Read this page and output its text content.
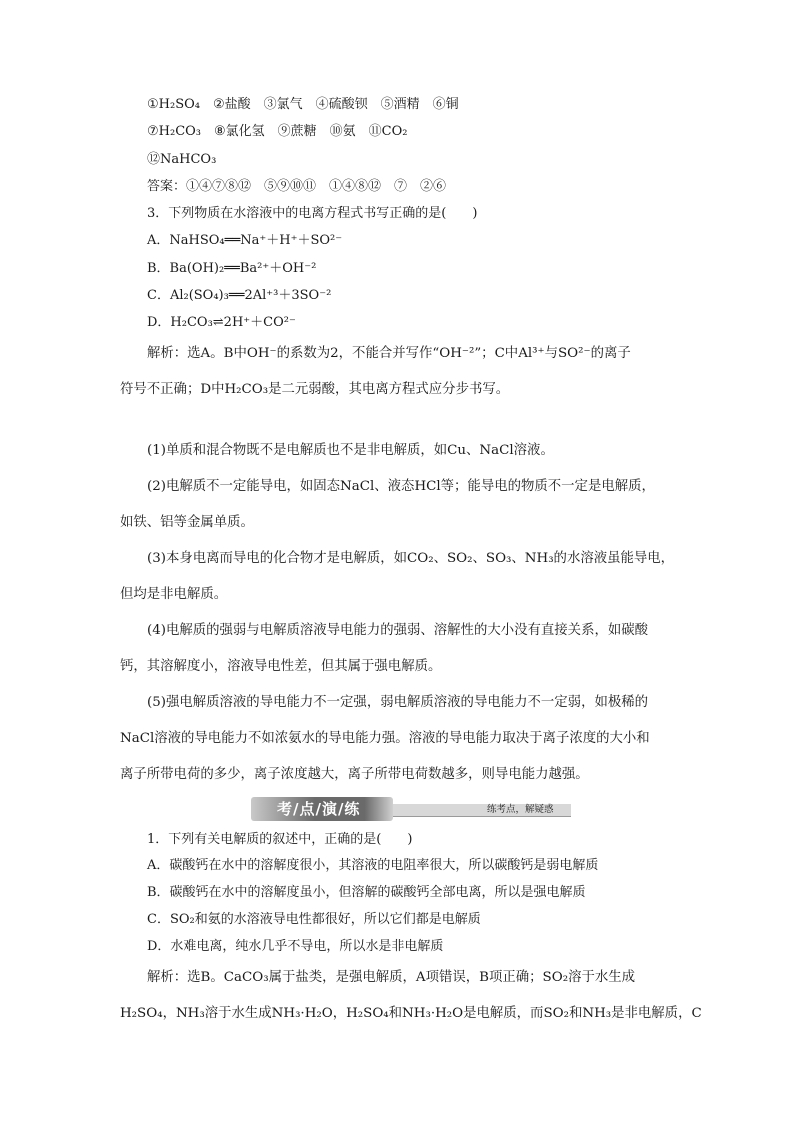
①H₂SO₄　②盐酸　③氯气　④硫酸钡　⑤酒精　⑥铜
⑦H₂CO₃　⑧氯化氢　⑨蔗糖　⑩氨　⑪CO₂
⑫NaHCO₃
答案：①④⑦⑧⑫　⑤⑨⑩⑪　①④⑧⑫　⑦　②⑥
3．下列物质在水溶液中的电离方程式书写正确的是(　　)
A．NaHSO₄══Na⁺＋H⁺＋SO²⁻
B．Ba(OH)₂══Ba²⁺＋OH⁻²
C．Al₂(SO₄)₃══2Al⁺³＋3SO⁻²
D．H₂CO₃⇌2H⁺＋CO²⁻
解析：选A。B中OH⁻的系数为2，不能合并写作“OH⁻²”；C中Al³⁺与SO²⁻的离子
符号不正确；D中H₂CO₃是二元弱酸，其电离方程式应分步书写。
(1)单质和混合物既不是电解质也不是非电解质，如Cu、NaCl溶液。
(2)电解质不一定能导电，如固态NaCl、液态HCl等；能导电的物质不一定是电解质，
如铁、铝等金属单质。
(3)本身电离而导电的化合物才是电解质，如CO₂、SO₂、SO₃、NH₃的水溶液虽能导电，
但均是非电解质。
(4)电解质的强弱与电解质溶液导电能力的强弱、溶解性的大小没有直接关系，如碳酸
钙，其溶解度小，溶液导电性差，但其属于强电解质。
(5)强电解质溶液的导电能力不一定强，弱电解质溶液的导电能力不一定弱，如极稀的
NaCl溶液的导电能力不如浓氨水的导电能力强。溶液的导电能力取决于离子浓度的大小和
离子所带电荷的多少，离子浓度越大，离子所带电荷数越多，则导电能力越强。
考/点/演/练	练考点，解疑惑
1．下列有关电解质的叙述中，正确的是(　　)
A．碳酸钙在水中的溶解度很小，其溶液的电阻率很大，所以碳酸钙是弱电解质
B．碳酸钙在水中的溶解度虽小，但溶解的碳酸钙全部电离，所以是强电解质
C．SO₂和氨的水溶液导电性都很好，所以它们都是电解质
D．水难电离，纯水几乎不导电，所以水是非电解质
解析：选B。CaCO₃属于盐类，是强电解质，A项错误，B项正确；SO₂溶于水生成
H₂SO₄，NH₃溶于水生成NH₃·H₂O，H₂SO₄和NH₃·H₂O是电解质，而SO₂和NH₃是非电解质，C
